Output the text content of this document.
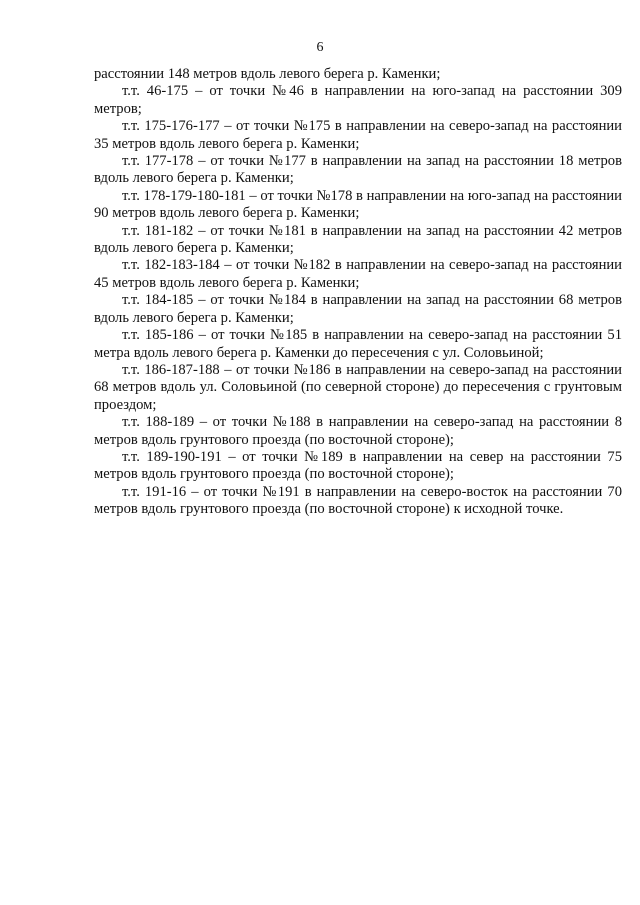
6

расстоянии 148 метров вдоль левого берега р. Каменки;

т.т. 46-175 – от точки №46 в направлении на юго-запад на расстоянии 309 метров;

т.т. 175-176-177 – от точки №175 в направлении на северо-запад на расстоянии 35 метров вдоль левого берега р. Каменки;

т.т. 177-178 – от точки №177 в направлении на запад на расстоянии 18 метров вдоль левого берега р. Каменки;

т.т. 178-179-180-181 – от точки №178 в направлении на юго-запад на расстоянии 90 метров вдоль левого берега р. Каменки;

т.т. 181-182 – от точки №181 в направлении на запад на расстоянии 42 метров вдоль левого берега р. Каменки;

т.т. 182-183-184 – от точки №182 в направлении на северо-запад на расстоянии 45 метров вдоль левого берега р. Каменки;

т.т. 184-185 – от точки №184 в направлении на запад на расстоянии 68 метров вдоль левого берега р. Каменки;

т.т. 185-186 – от точки №185 в направлении на северо-запад на расстоянии 51 метра вдоль левого берега р. Каменки до пересечения с ул. Соловьиной;

т.т. 186-187-188 – от точки №186 в направлении на северо-запад на расстоянии 68 метров вдоль ул. Соловьиной (по северной стороне) до пересечения с грунтовым проездом;

т.т. 188-189 – от точки №188 в направлении на северо-запад на расстоянии 8 метров вдоль грунтового проезда (по восточной стороне);

т.т. 189-190-191 – от точки №189 в направлении на север на расстоянии 75 метров вдоль грунтового проезда (по восточной стороне);

т.т. 191-16 – от точки №191 в направлении на северо-восток на расстоянии 70 метров вдоль грунтового проезда (по восточной стороне) к исходной точке.
